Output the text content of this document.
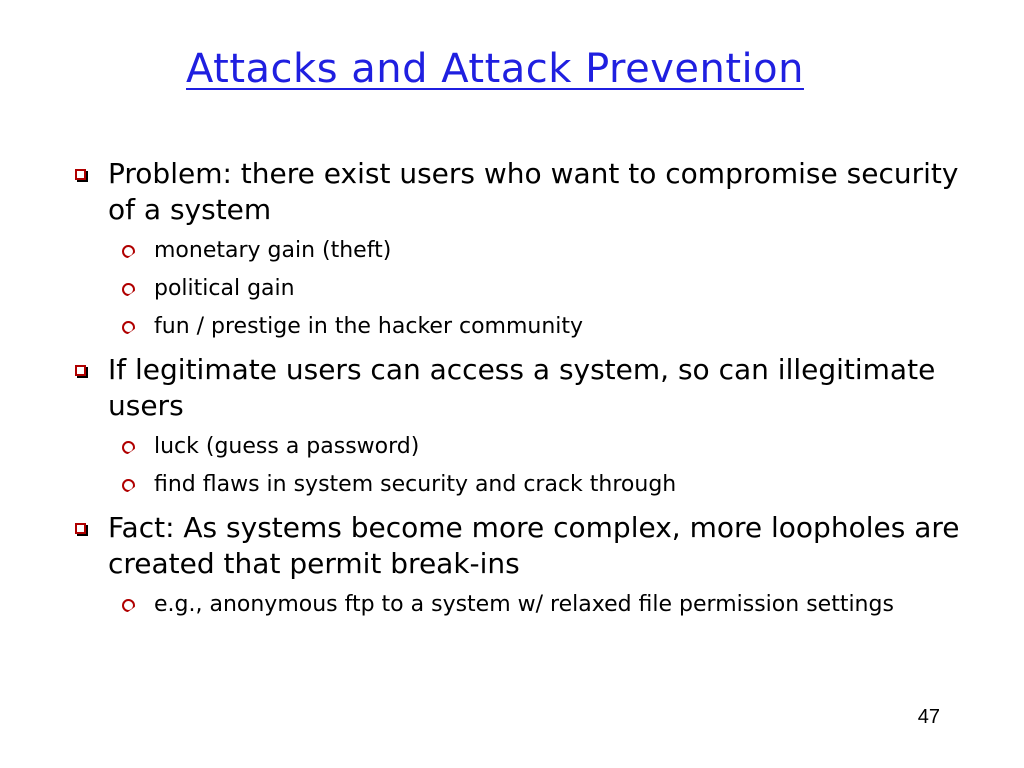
Attacks and Attack Prevention
Problem: there exist users who want to compromise security of a system
monetary gain (theft)
political gain
fun / prestige in the hacker community
If legitimate users can access a system, so can illegitimate users
luck (guess a password)
find flaws in system security and crack through
Fact: As systems become more complex, more loopholes are created that permit break-ins
e.g., anonymous ftp to a system w/ relaxed file permission settings
47
